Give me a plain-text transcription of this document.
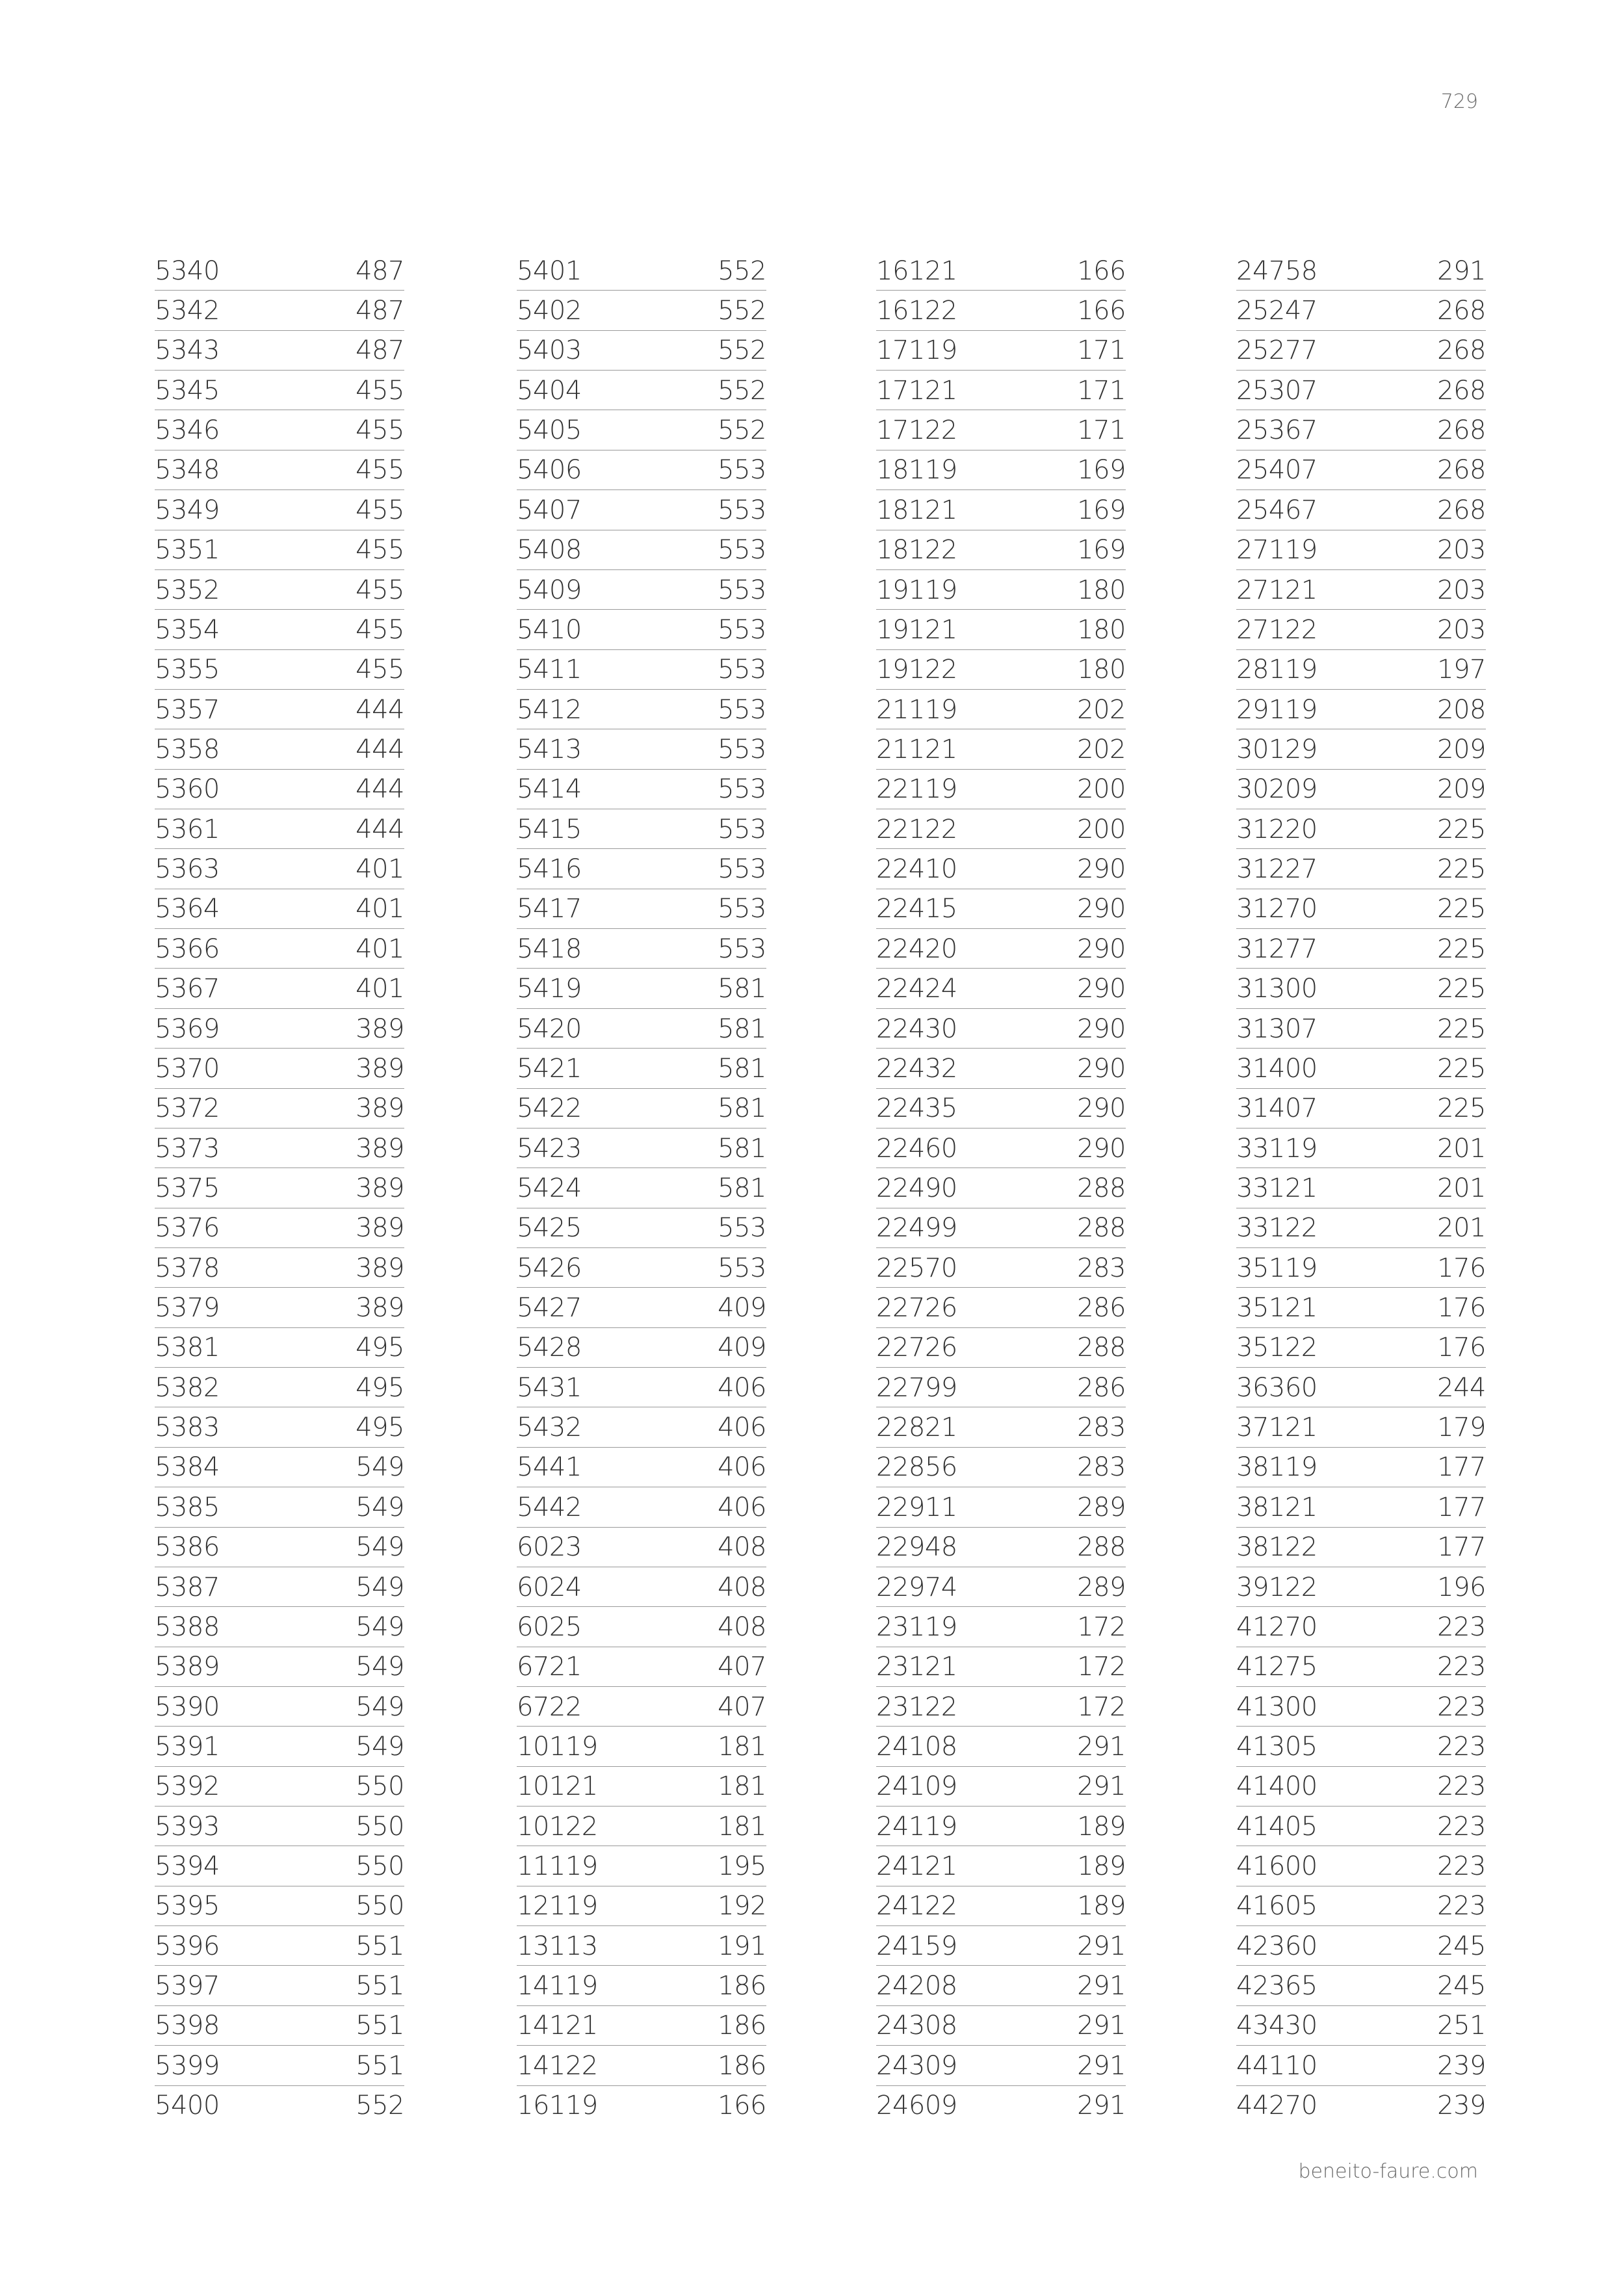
729
5340	487
5342	487
5343	487
5345	455
5346	455
5348	455
5349	455
5351	455
5352	455
5354	455
5355	455
5357	444
5358	444
5360	444
5361	444
5363	401
5364	401
5366	401
5367	401
5369	389
5370	389
5372	389
5373	389
5375	389
5376	389
5378	389
5379	389
5381	495
5382	495
5383	495
5384	549
5385	549
5386	549
5387	549
5388	549
5389	549
5390	549
5391	549
5392	550
5393	550
5394	550
5395	550
5396	551
5397	551
5398	551
5399	551
5400	552
5401	552
5402	552
5403	552
5404	552
5405	552
5406	553
5407	553
5408	553
5409	553
5410	553
5411	553
5412	553
5413	553
5414	553
5415	553
5416	553
5417	553
5418	553
5419	581
5420	581
5421	581
5422	581
5423	581
5424	581
5425	553
5426	553
5427	409
5428	409
5431	406
5432	406
5441	406
5442	406
6023	408
6024	408
6025	408
6721	407
6722	407
10119	181
10121	181
10122	181
11119	195
12119	192
13113	191
14119	186
14121	186
14122	186
16119	166
16121	166
16122	166
17119	171
17121	171
17122	171
18119	169
18121	169
18122	169
19119	180
19121	180
19122	180
21119	202
21121	202
22119	200
22122	200
22410	290
22415	290
22420	290
22424	290
22430	290
22432	290
22435	290
22460	290
22490	288
22499	288
22570	283
22726	286
22726	288
22799	286
22821	283
22856	283
22911	289
22948	288
22974	289
23119	172
23121	172
23122	172
24108	291
24109	291
24119	189
24121	189
24122	189
24159	291
24208	291
24308	291
24309	291
24609	291
24758	291
25247	268
25277	268
25307	268
25367	268
25407	268
25467	268
27119	203
27121	203
27122	203
28119	197
29119	208
30129	209
30209	209
31220	225
31227	225
31270	225
31277	225
31300	225
31307	225
31400	225
31407	225
33119	201
33121	201
33122	201
35119	176
35121	176
35122	176
36360	244
37121	179
38119	177
38121	177
38122	177
39122	196
41270	223
41275	223
41300	223
41305	223
41400	223
41405	223
41600	223
41605	223
42360	245
42365	245
43430	251
44110	239
44270	239
beneito-faure.com
